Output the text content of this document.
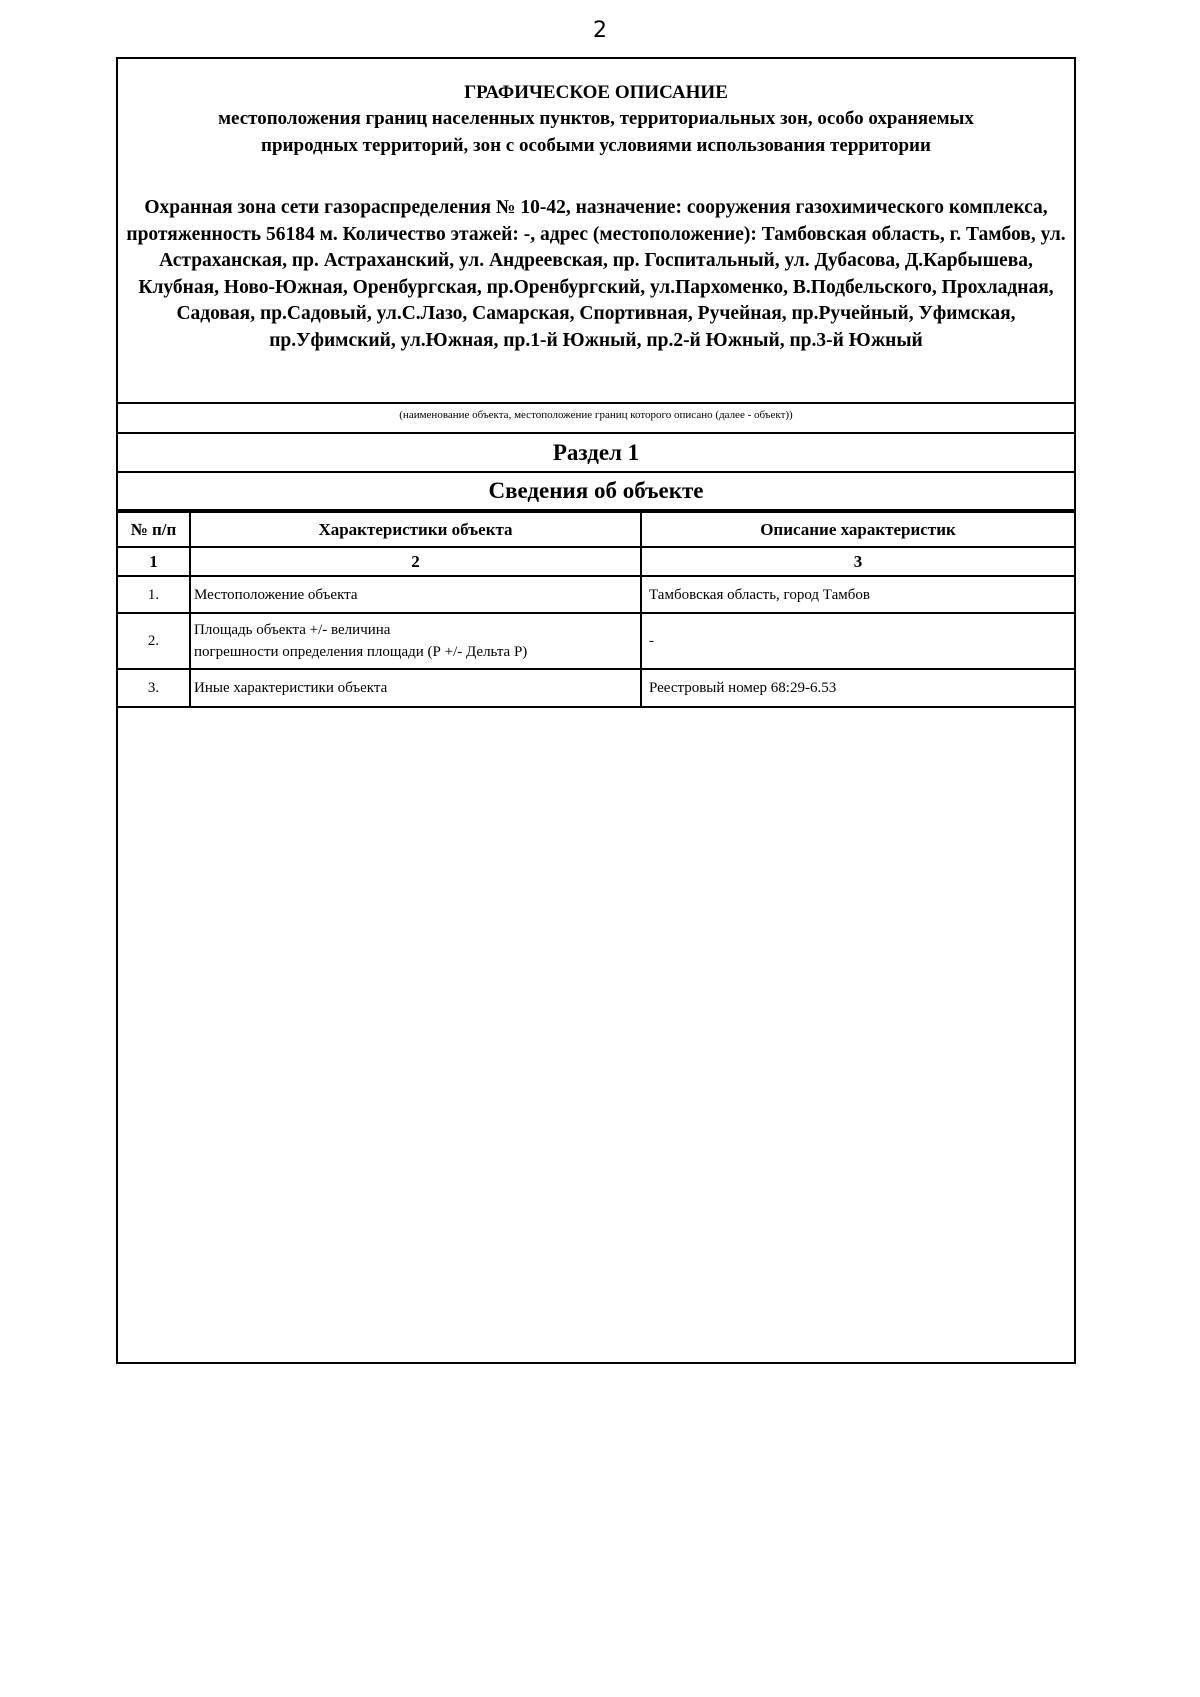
2
ГРАФИЧЕСКОЕ ОПИСАНИЕ
местоположения границ населенных пунктов, территориальных зон, особо охраняемых
природных территорий, зон с особыми условиями использования территории
Охранная зона сети газораспределения № 10-42, назначение: сооружения газохимического комплекса, протяженность 56184 м. Количество этажей: -, адрес (местоположение): Тамбовская область, г. Тамбов, ул. Астраханская, пр. Астраханский, ул. Андреевская, пр. Госпитальный, ул. Дубасова, Д.Карбышева, Клубная, Ново-Южная, Оренбургская, пр.Оренбургский, ул.Пархоменко, В.Подбельского, Прохладная, Садовая, пр.Садовый, ул.С.Лазо, Самарская, Спортивная, Ручейная, пр.Ручейный, Уфимская, пр.Уфимский, ул.Южная, пр.1-й Южный, пр.2-й Южный, пр.3-й Южный
(наименование объекта, местоположение границ которого описано (далее - объект))
Раздел 1
Сведения об объекте
№ п/п	Характеристики объекта	Описание характеристик
1	2	3
1.	Местоположение объекта	Тамбовская область, город Тамбов
2.	Площадь объекта +/- величина
погрешности определения площади (Р +/- Дельта Р)	-
3.	Иные характеристики объекта	Реестровый номер 68:29-6.53
